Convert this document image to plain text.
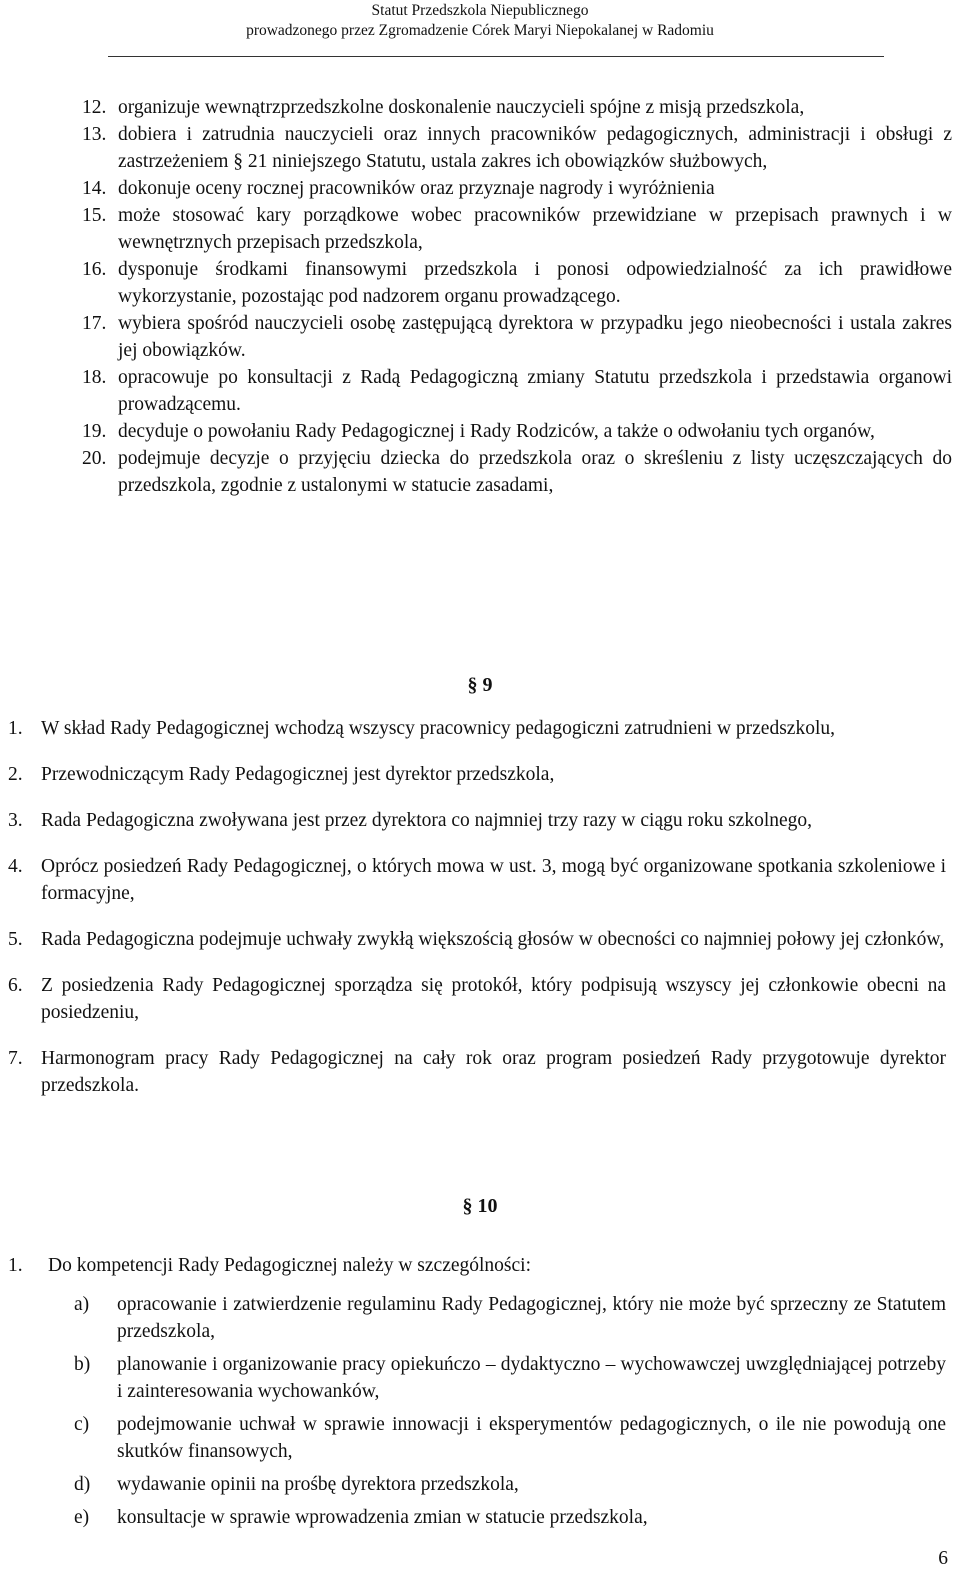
Statut Przedszkola Niepublicznego
prowadzonego przez Zgromadzenie Córek Maryi Niepokalanej w Radomiu
12. organizuje wewnątrzprzedszkolne doskonalenie nauczycieli spójne z misją przedszkola,
13. dobiera i zatrudnia nauczycieli oraz innych pracowników pedagogicznych, administracji i obsługi z zastrzeżeniem § 21 niniejszego Statutu, ustala zakres ich obowiązków służbowych,
14. dokonuje oceny rocznej pracowników oraz przyznaje nagrody i wyróżnienia
15. może stosować kary porządkowe wobec pracowników przewidziane w przepisach prawnych i w wewnętrznych przepisach przedszkola,
16. dysponuje środkami finansowymi przedszkola i ponosi odpowiedzialność za ich prawidłowe wykorzystanie, pozostając pod nadzorem organu prowadzącego.
17. wybiera spośród nauczycieli osobę zastępującą dyrektora w przypadku jego nieobecności i ustala zakres jej obowiązków.
18. opracowuje po konsultacji z Radą Pedagogiczną zmiany Statutu przedszkola i przedstawia organowi prowadzącemu.
19. decyduje o powołaniu Rady Pedagogicznej i Rady Rodziców, a także o odwołaniu tych organów,
20. podejmuje decyzje o przyjęciu dziecka do przedszkola oraz o skreśleniu z listy uczęszczających do przedszkola, zgodnie z ustalonymi w statucie zasadami,
§ 9
1. W skład Rady Pedagogicznej wchodzą wszyscy pracownicy pedagogiczni zatrudnieni w przedszkolu,
2. Przewodniczącym Rady Pedagogicznej jest dyrektor przedszkola,
3. Rada Pedagogiczna zwoływana jest przez dyrektora co najmniej trzy razy w ciągu roku szkolnego,
4. Oprócz posiedzeń Rady Pedagogicznej, o których mowa w ust. 3, mogą być organizowane spotkania szkoleniowe i formacyjne,
5. Rada Pedagogiczna podejmuje uchwały zwykłą większością głosów w obecności co najmniej połowy jej członków,
6. Z posiedzenia Rady Pedagogicznej sporządza się protokół, który podpisują wszyscy jej członkowie obecni na posiedzeniu,
7. Harmonogram pracy Rady Pedagogicznej na cały rok oraz program posiedzeń Rady przygotowuje dyrektor przedszkola.
§ 10
1. Do kompetencji Rady Pedagogicznej należy w szczególności:
a) opracowanie i zatwierdzenie regulaminu Rady Pedagogicznej, który nie może być sprzeczny ze Statutem przedszkola,
b) planowanie i organizowanie pracy opiekuńczo – dydaktyczno – wychowawczej uwzględniającej potrzeby i zainteresowania wychowanków,
c) podejmowanie uchwał w sprawie innowacji i eksperymentów pedagogicznych, o ile nie powodują one skutków finansowych,
d) wydawanie opinii na prośbę dyrektora przedszkola,
e) konsultacje w sprawie wprowadzenia zmian w statucie przedszkola,
6
